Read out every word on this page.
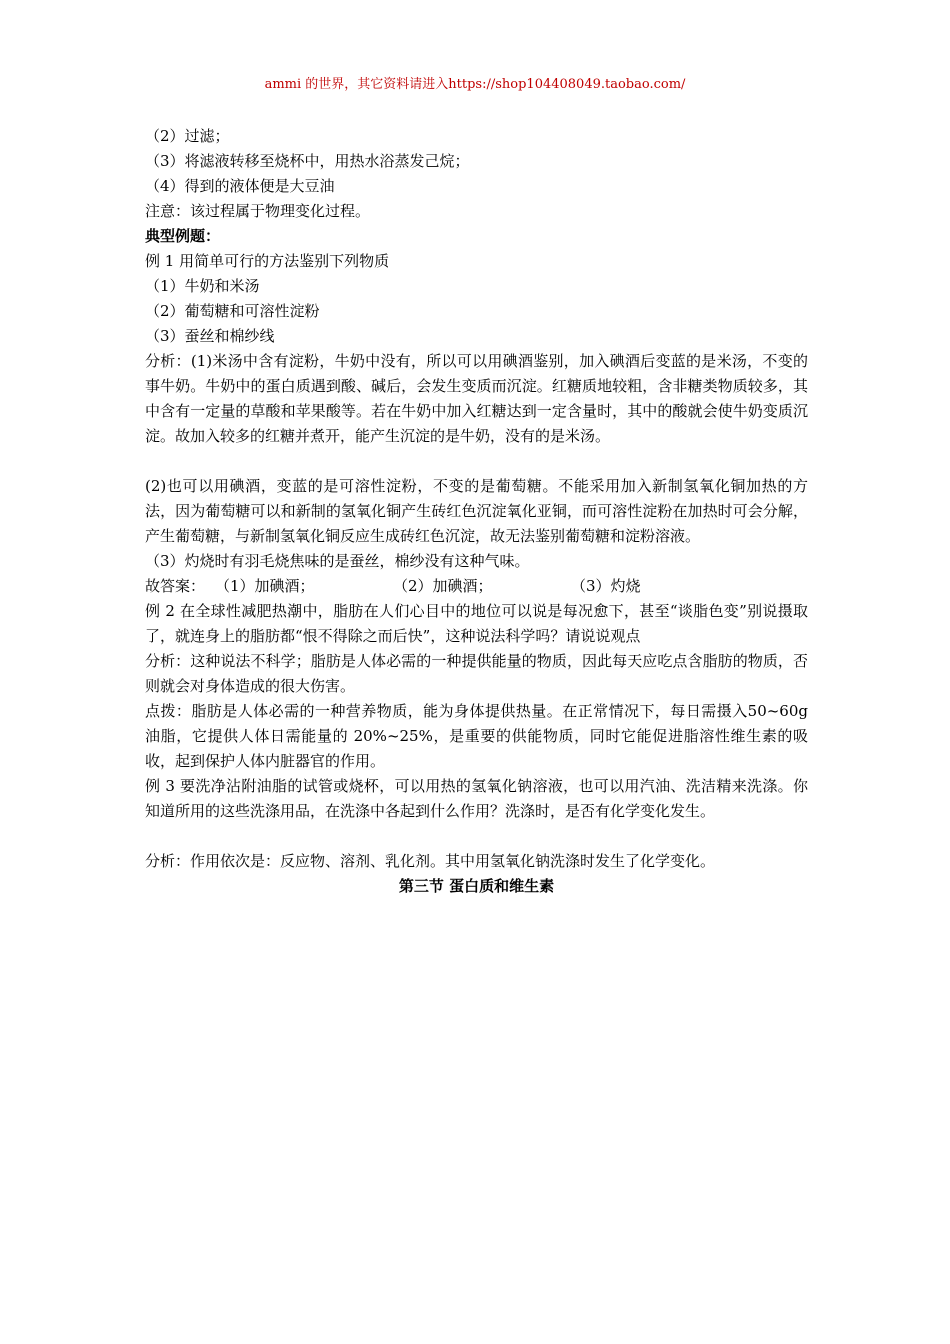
ammi 的世界，其它资料请进入https://shop104408049.taobao.com/

（2）过滤；

（3）将滤液转移至烧杯中，用热水浴蒸发己烷；

（4）得到的液体便是大豆油

注意：该过程属于物理变化过程。

典型例题：

例 1 用简单可行的方法鉴别下列物质

（1）牛奶和米汤

（2）葡萄糖和可溶性淀粉

（3）蚕丝和棉纱线

分析：(1)米汤中含有淀粉，牛奶中没有，所以可以用碘酒鉴别，加入碘酒后变蓝的是米汤，不变的事牛奶。牛奶中的蛋白质遇到酸、碱后，会发生变质而沉淀。红糖质地较粗，含非糖类物质较多，其中含有一定量的草酸和苹果酸等。若在牛奶中加入红糖达到一定含量时，其中的酸就会使牛奶变质沉淀。故加入较多的红糖并煮开，能产生沉淀的是牛奶，没有的是米汤。

(2)也可以用碘酒，变蓝的是可溶性淀粉，不变的是葡萄糖。不能采用加入新制氢氧化铜加热的方法，因为葡萄糖可以和新制的氢氧化铜产生砖红色沉淀氧化亚铜，而可溶性淀粉在加热时可会分解，产生葡萄糖，与新制氢氧化铜反应生成砖红色沉淀，故无法鉴别葡萄糖和淀粉溶液。

（3）灼烧时有羽毛烧焦味的是蚕丝，棉纱没有这种气味。

故答案： （1）加碘酒；	（2）加碘酒；	（3）灼烧

例 2 在全球性减肥热潮中，脂肪在人们心目中的地位可以说是每况愈下，甚至“谈脂色变”别说摄取了，就连身上的脂肪都“恨不得除之而后快”，这种说法科学吗？请说说观点

分析：这种说法不科学；脂肪是人体必需的一种提供能量的物质，因此每天应吃点含脂肪的物质，否则就会对身体造成的很大伤害。

点拨：脂肪是人体必需的一种营养物质，能为身体提供热量。在正常情况下，每日需摄入50~60g 油脂，它提供人体日需能量的 20%~25%，是重要的供能物质，同时它能促进脂溶性维生素的吸收，起到保护人体内脏器官的作用。

例 3 要洗净沾附油脂的试管或烧杯，可以用热的氢氧化钠溶液，也可以用汽油、洗洁精来洗涤。你知道所用的这些洗涤用品，在洗涤中各起到什么作用？洗涤时，是否有化学变化发生。

分析：作用依次是：反应物、溶剂、乳化剂。其中用氢氧化钠洗涤时发生了化学变化。

第三节 蛋白质和维生素
